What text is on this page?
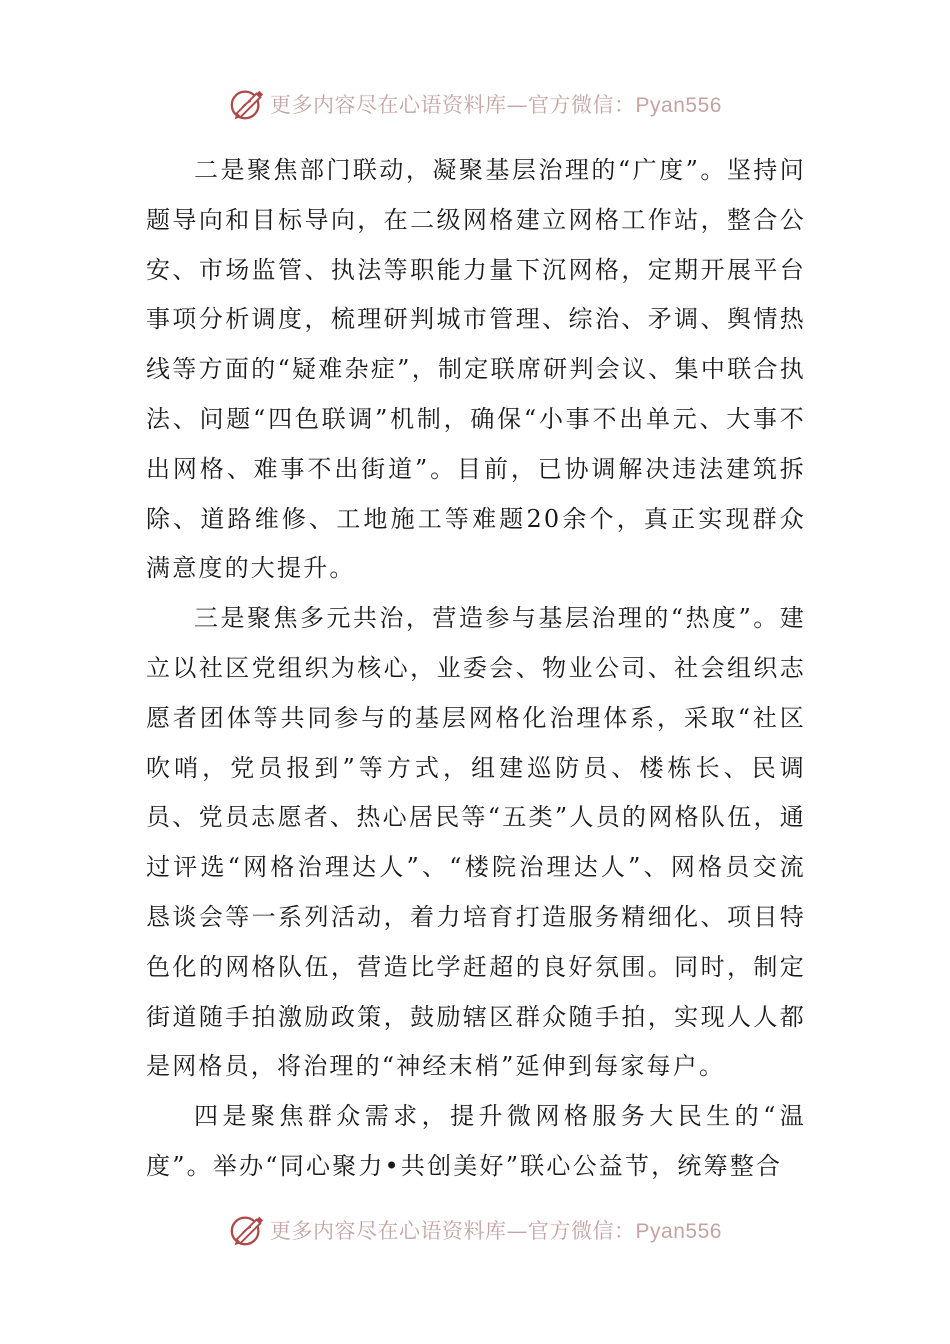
更多内容尽在心语资料库—官方微信：Pyan556

二是聚焦部门联动，凝聚基层治理的“广度”。坚持问题导向和目标导向，在二级网格建立网格工作站，整合公安、市场监管、执法等职能力量下沉网格，定期开展平台事项分析调度，梳理研判城市管理、综治、矛调、舆情热线等方面的“疑难杂症”，制定联席研判会议、集中联合执法、问题“四色联调”机制，确保“小事不出单元、大事不出网格、难事不出街道”。目前，已协调解决违法建筑拆除、道路维修、工地施工等难题20余个，真正实现群众满意度的大提升。

三是聚焦多元共治，营造参与基层治理的“热度”。建立以社区党组织为核心，业委会、物业公司、社会组织志愿者团体等共同参与的基层网格化治理体系，采取“社区吹哨，党员报到”等方式，组建巡防员、楼栋长、民调员、党员志愿者、热心居民等“五类”人员的网格队伍，通过评选“网格治理达人”、“楼院治理达人”、网格员交流恳谈会等一系列活动，着力培育打造服务精细化、项目特色化的网格队伍，营造比学赶超的良好氛围。同时，制定街道随手拍激励政策，鼓励辖区群众随手拍，实现人人都是网格员，将治理的“神经末梢”延伸到每家每户。

四是聚焦群众需求，提升微网格服务大民生的“温度”。举办“同心聚力•共创美好”联心公益节，统筹整合

更多内容尽在心语资料库—官方微信：Pyan556
